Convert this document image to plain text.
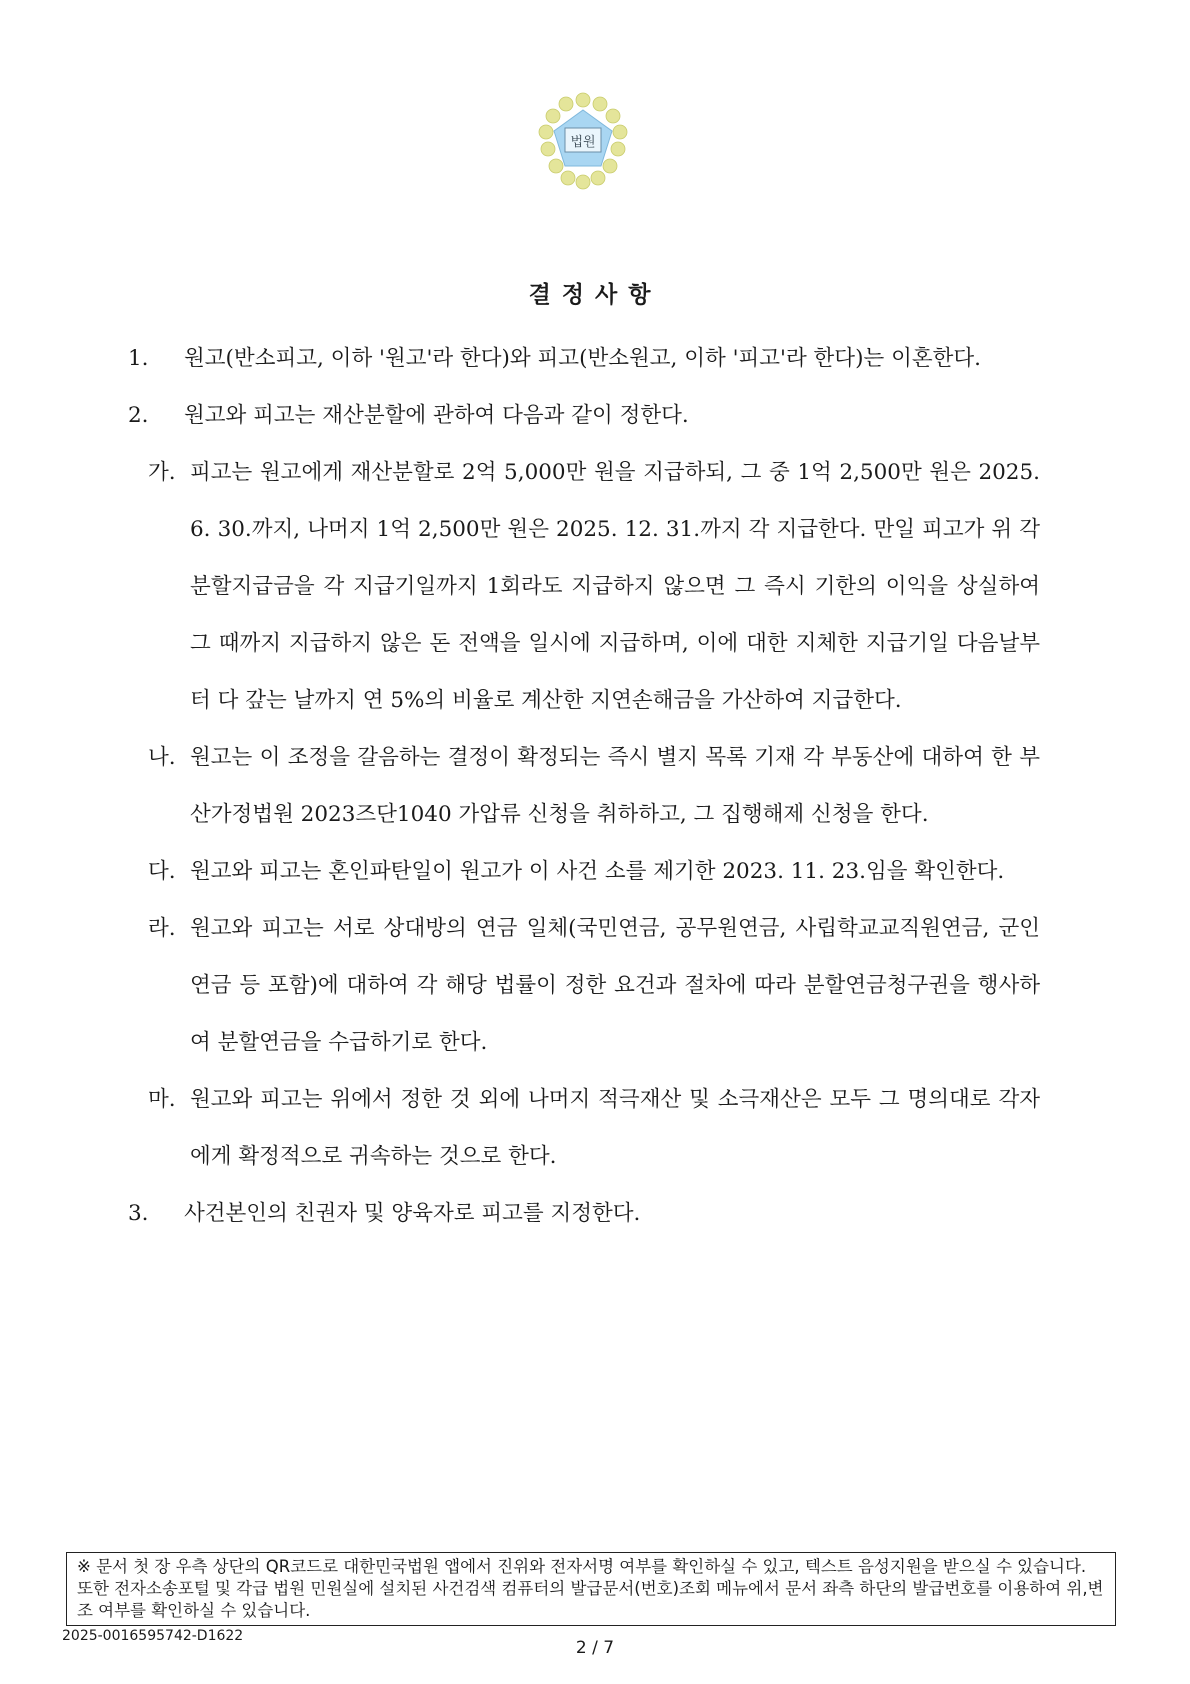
법원
결정사항

1. 원고(반소피고, 이하 '원고'라 한다)와 피고(반소원고, 이하 '피고'라 한다)는 이혼한다.

2. 원고와 피고는 재산분할에 관하여 다음과 같이 정한다.

가. 피고는 원고에게 재산분할로 2억 5,000만 원을 지급하되, 그 중 1억 2,500만 원은 2025. 6. 30.까지, 나머지 1억 2,500만 원은 2025. 12. 31.까지 각 지급한다. 만일 피고가 위 각 분할지급금을 각 지급기일까지 1회라도 지급하지 않으면 그 즉시 기한의 이익을 상실하여 그 때까지 지급하지 않은 돈 전액을 일시에 지급하며, 이에 대한 지체한 지급기일 다음날부터 다 갚는 날까지 연 5%의 비율로 계산한 지연손해금을 가산하여 지급한다.

나. 원고는 이 조정을 갈음하는 결정이 확정되는 즉시 별지 목록 기재 각 부동산에 대하여 한 부산가정법원 2023즈단1040 가압류 신청을 취하하고, 그 집행해제 신청을 한다.

다. 원고와 피고는 혼인파탄일이 원고가 이 사건 소를 제기한 2023. 11. 23.임을 확인한다.

라. 원고와 피고는 서로 상대방의 연금 일체(국민연금, 공무원연금, 사립학교교직원연금, 군인연금 등 포함)에 대하여 각 해당 법률이 정한 요건과 절차에 따라 분할연금청구권을 행사하여 분할연금을 수급하기로 한다.

마. 원고와 피고는 위에서 정한 것 외에 나머지 적극재산 및 소극재산은 모두 그 명의대로 각자에게 확정적으로 귀속하는 것으로 한다.

3. 사건본인의 친권자 및 양육자로 피고를 지정한다.

※ 문서 첫 장 우측 상단의 QR코드로 대한민국법원 앱에서 진위와 전자서명 여부를 확인하실 수 있고, 텍스트 음성지원을 받으실 수 있습니다. 또한 전자소송포털 및 각급 법원 민원실에 설치된 사건검색 컴퓨터의 발급문서(번호)조회 메뉴에서 문서 좌측 하단의 발급번호를 이용하여 위,변조 여부를 확인하실 수 있습니다.
2025-0016595742-D1622
2 / 7
